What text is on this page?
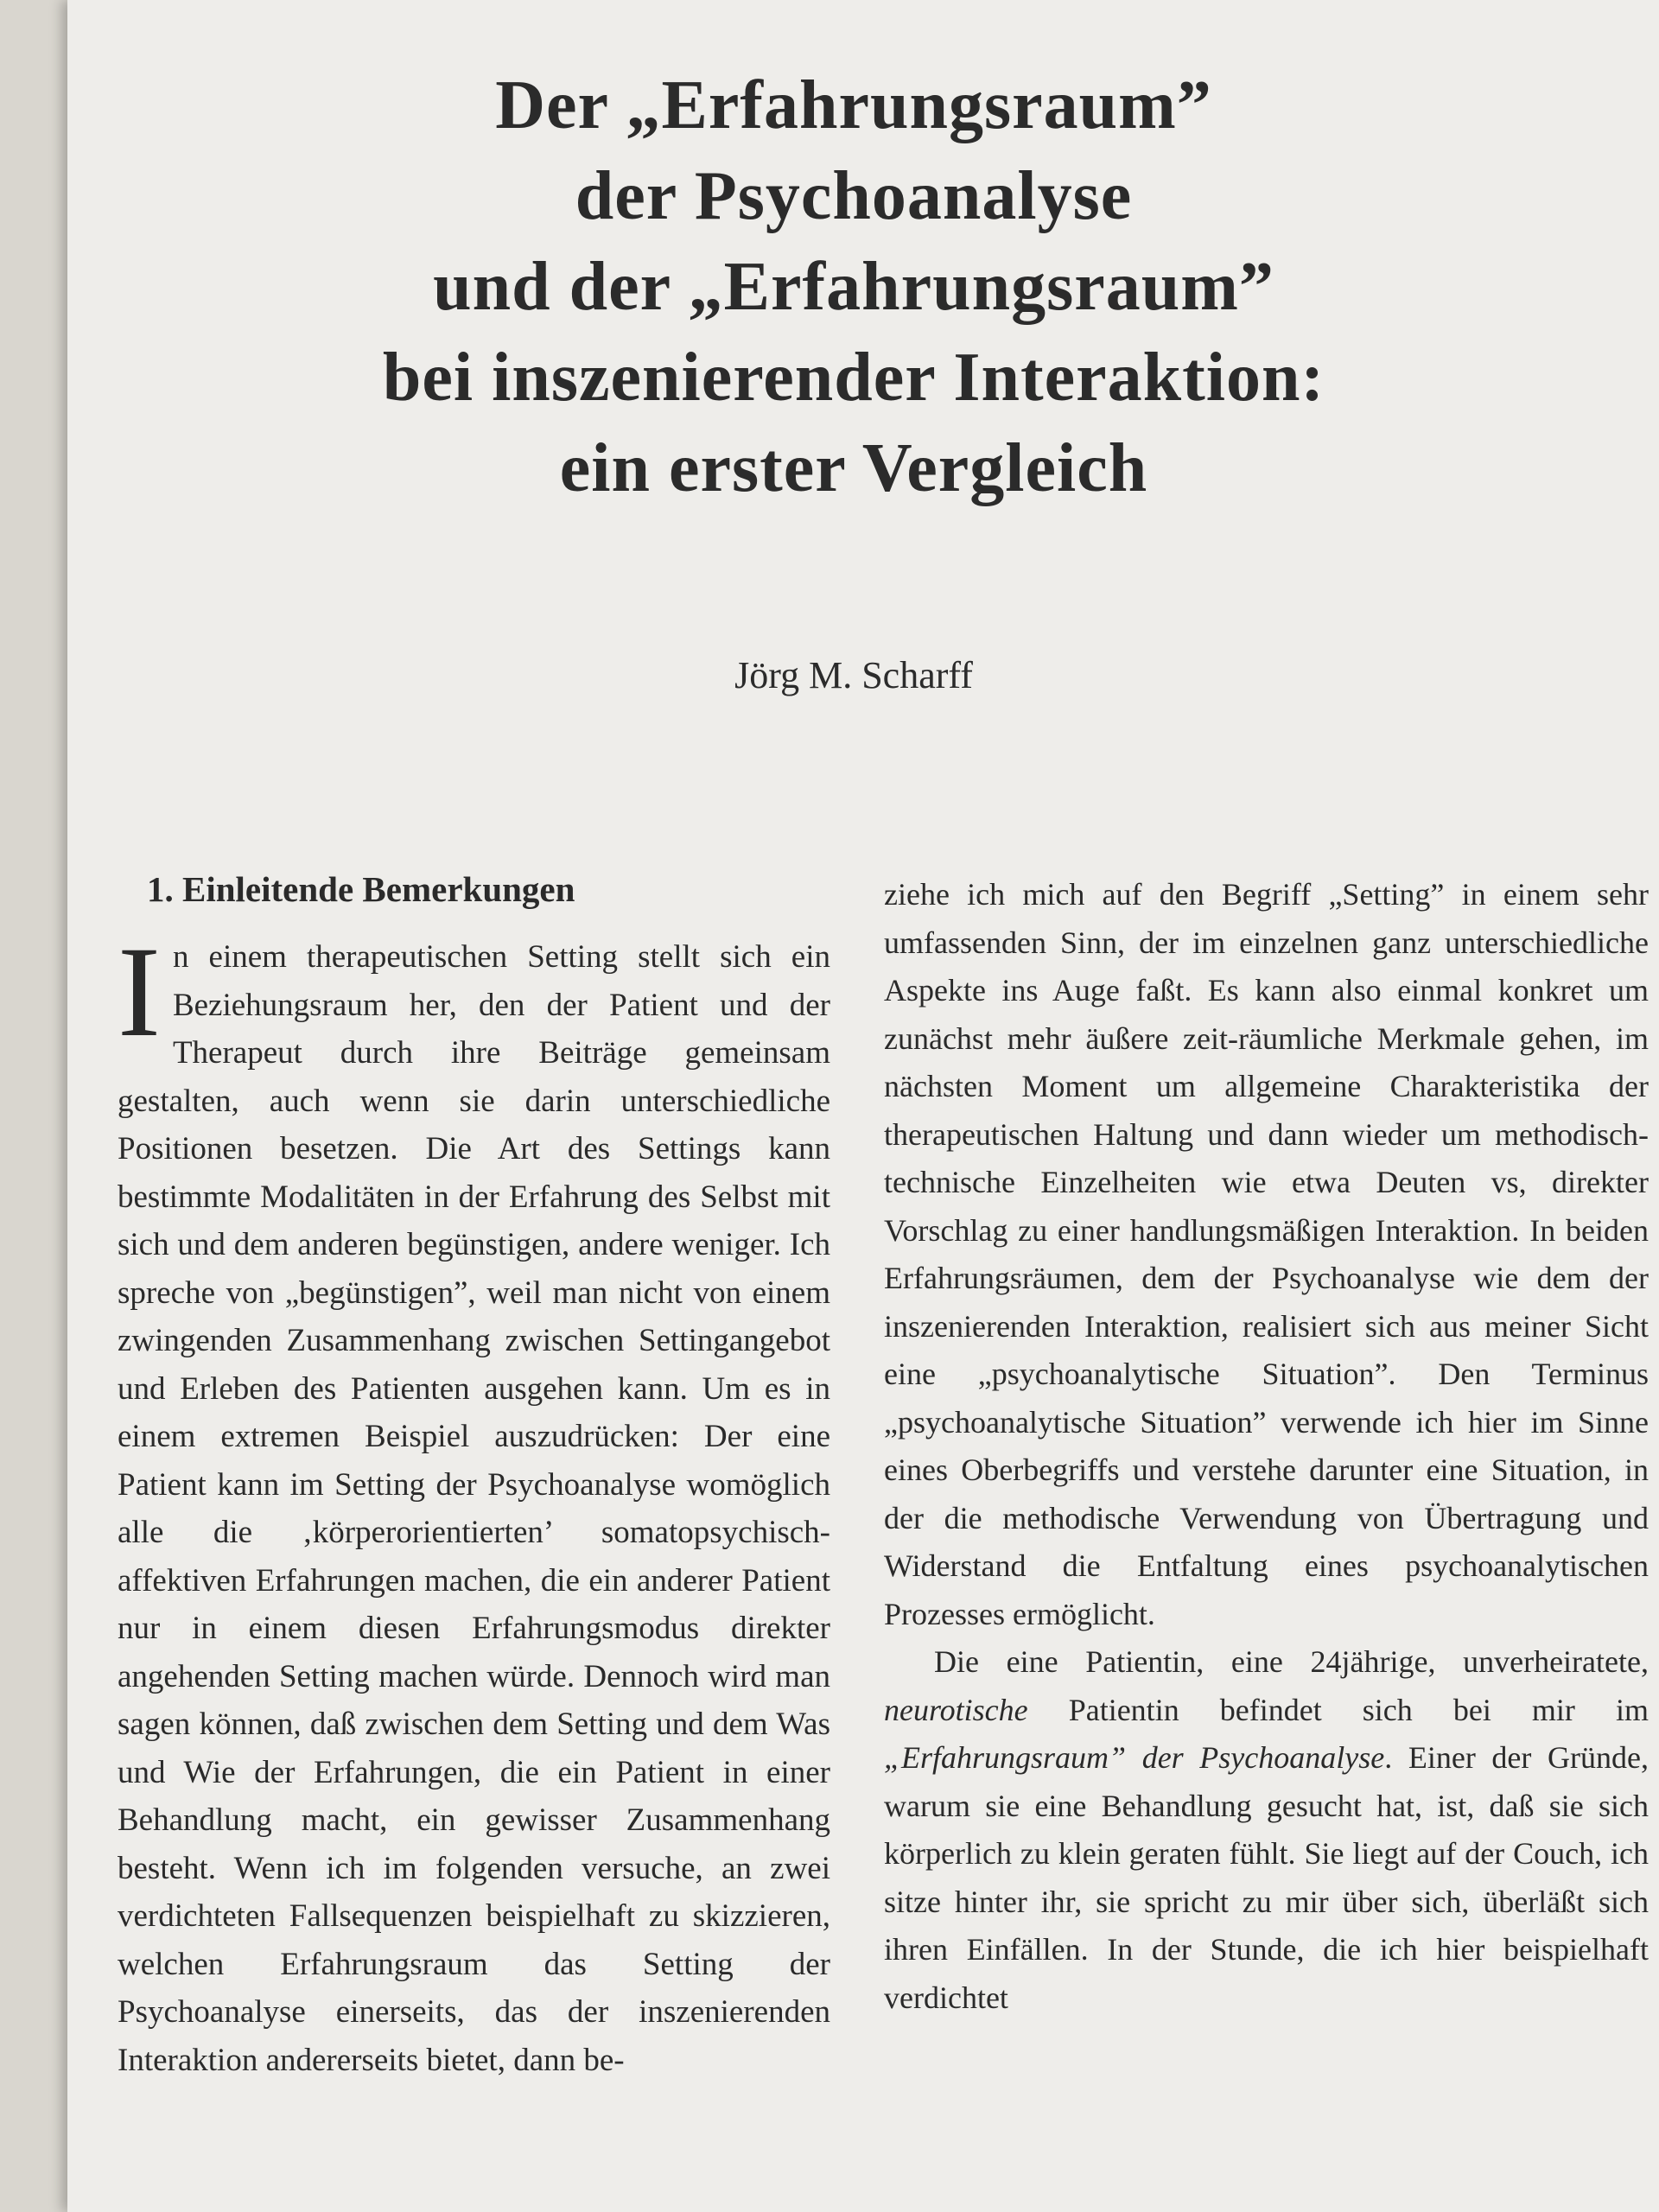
Der „Erfahrungsraum”
der Psychoanalyse
und der „Erfahrungsraum”
bei inszenierender Interaktion:
ein erster Vergleich
Jörg M. Scharff
1. Einleitende Bemerkungen

In einem therapeutischen Setting stellt sich ein Beziehungsraum her, den der Patient und der Therapeut durch ihre Beiträge gemeinsam gestalten, auch wenn sie darin unterschiedliche Positionen besetzen. Die Art des Settings kann bestimmte Modalitäten in der Erfahrung des Selbst mit sich und dem anderen begünstigen, andere weniger. Ich spreche von „begünstigen”, weil man nicht von einem zwingenden Zusammenhang zwischen Settingangebot und Erleben des Patienten ausgehen kann. Um es in einem extremen Beispiel auszudrücken: Der eine Patient kann im Setting der Psychoanalyse womöglich alle die ‚körperorientierten’ somatopsychisch-affektiven Erfahrungen machen, die ein anderer Patient nur in einem diesen Erfahrungsmodus direkter angehenden Setting machen würde. Dennoch wird man sagen können, daß zwischen dem Setting und dem Was und Wie der Erfahrungen, die ein Patient in einer Behandlung macht, ein gewisser Zusammenhang besteht. Wenn ich im folgenden versuche, an zwei verdichteten Fallsequenzen beispielhaft zu skizzieren, welchen Erfahrungsraum das Setting der Psychoanalyse einerseits, das der inszenierenden Interaktion andererseits bietet, dann be-

ziehe ich mich auf den Begriff „Setting” in einem sehr umfassenden Sinn, der im einzelnen ganz unterschiedliche Aspekte ins Auge faßt. Es kann also einmal konkret um zunächst mehr äußere zeit-räumliche Merkmale gehen, im nächsten Moment um allgemeine Charakteristika der therapeutischen Haltung und dann wieder um methodisch-technische Einzelheiten wie etwa Deuten vs, direkter Vorschlag zu einer handlungsmäßigen Interaktion. In beiden Erfahrungsräumen, dem der Psychoanalyse wie dem der inszenierenden Interaktion, realisiert sich aus meiner Sicht eine „psychoanalytische Situation”. Den Terminus „psychoanalytische Situation” verwende ich hier im Sinne eines Oberbegriffs und verstehe darunter eine Situation, in der die methodische Verwendung von Übertragung und Widerstand die Entfaltung eines psychoanalytischen Prozesses ermöglicht.

Die eine Patientin, eine 24jährige, unverheiratete, neurotische Patientin befindet sich bei mir im „Erfahrungsraum” der Psychoanalyse. Einer der Gründe, warum sie eine Behandlung gesucht hat, ist, daß sie sich körperlich zu klein geraten fühlt. Sie liegt auf der Couch, ich sitze hinter ihr, sie spricht zu mir über sich, überläßt sich ihren Einfällen. In der Stunde, die ich hier beispielhaft verdichtet
